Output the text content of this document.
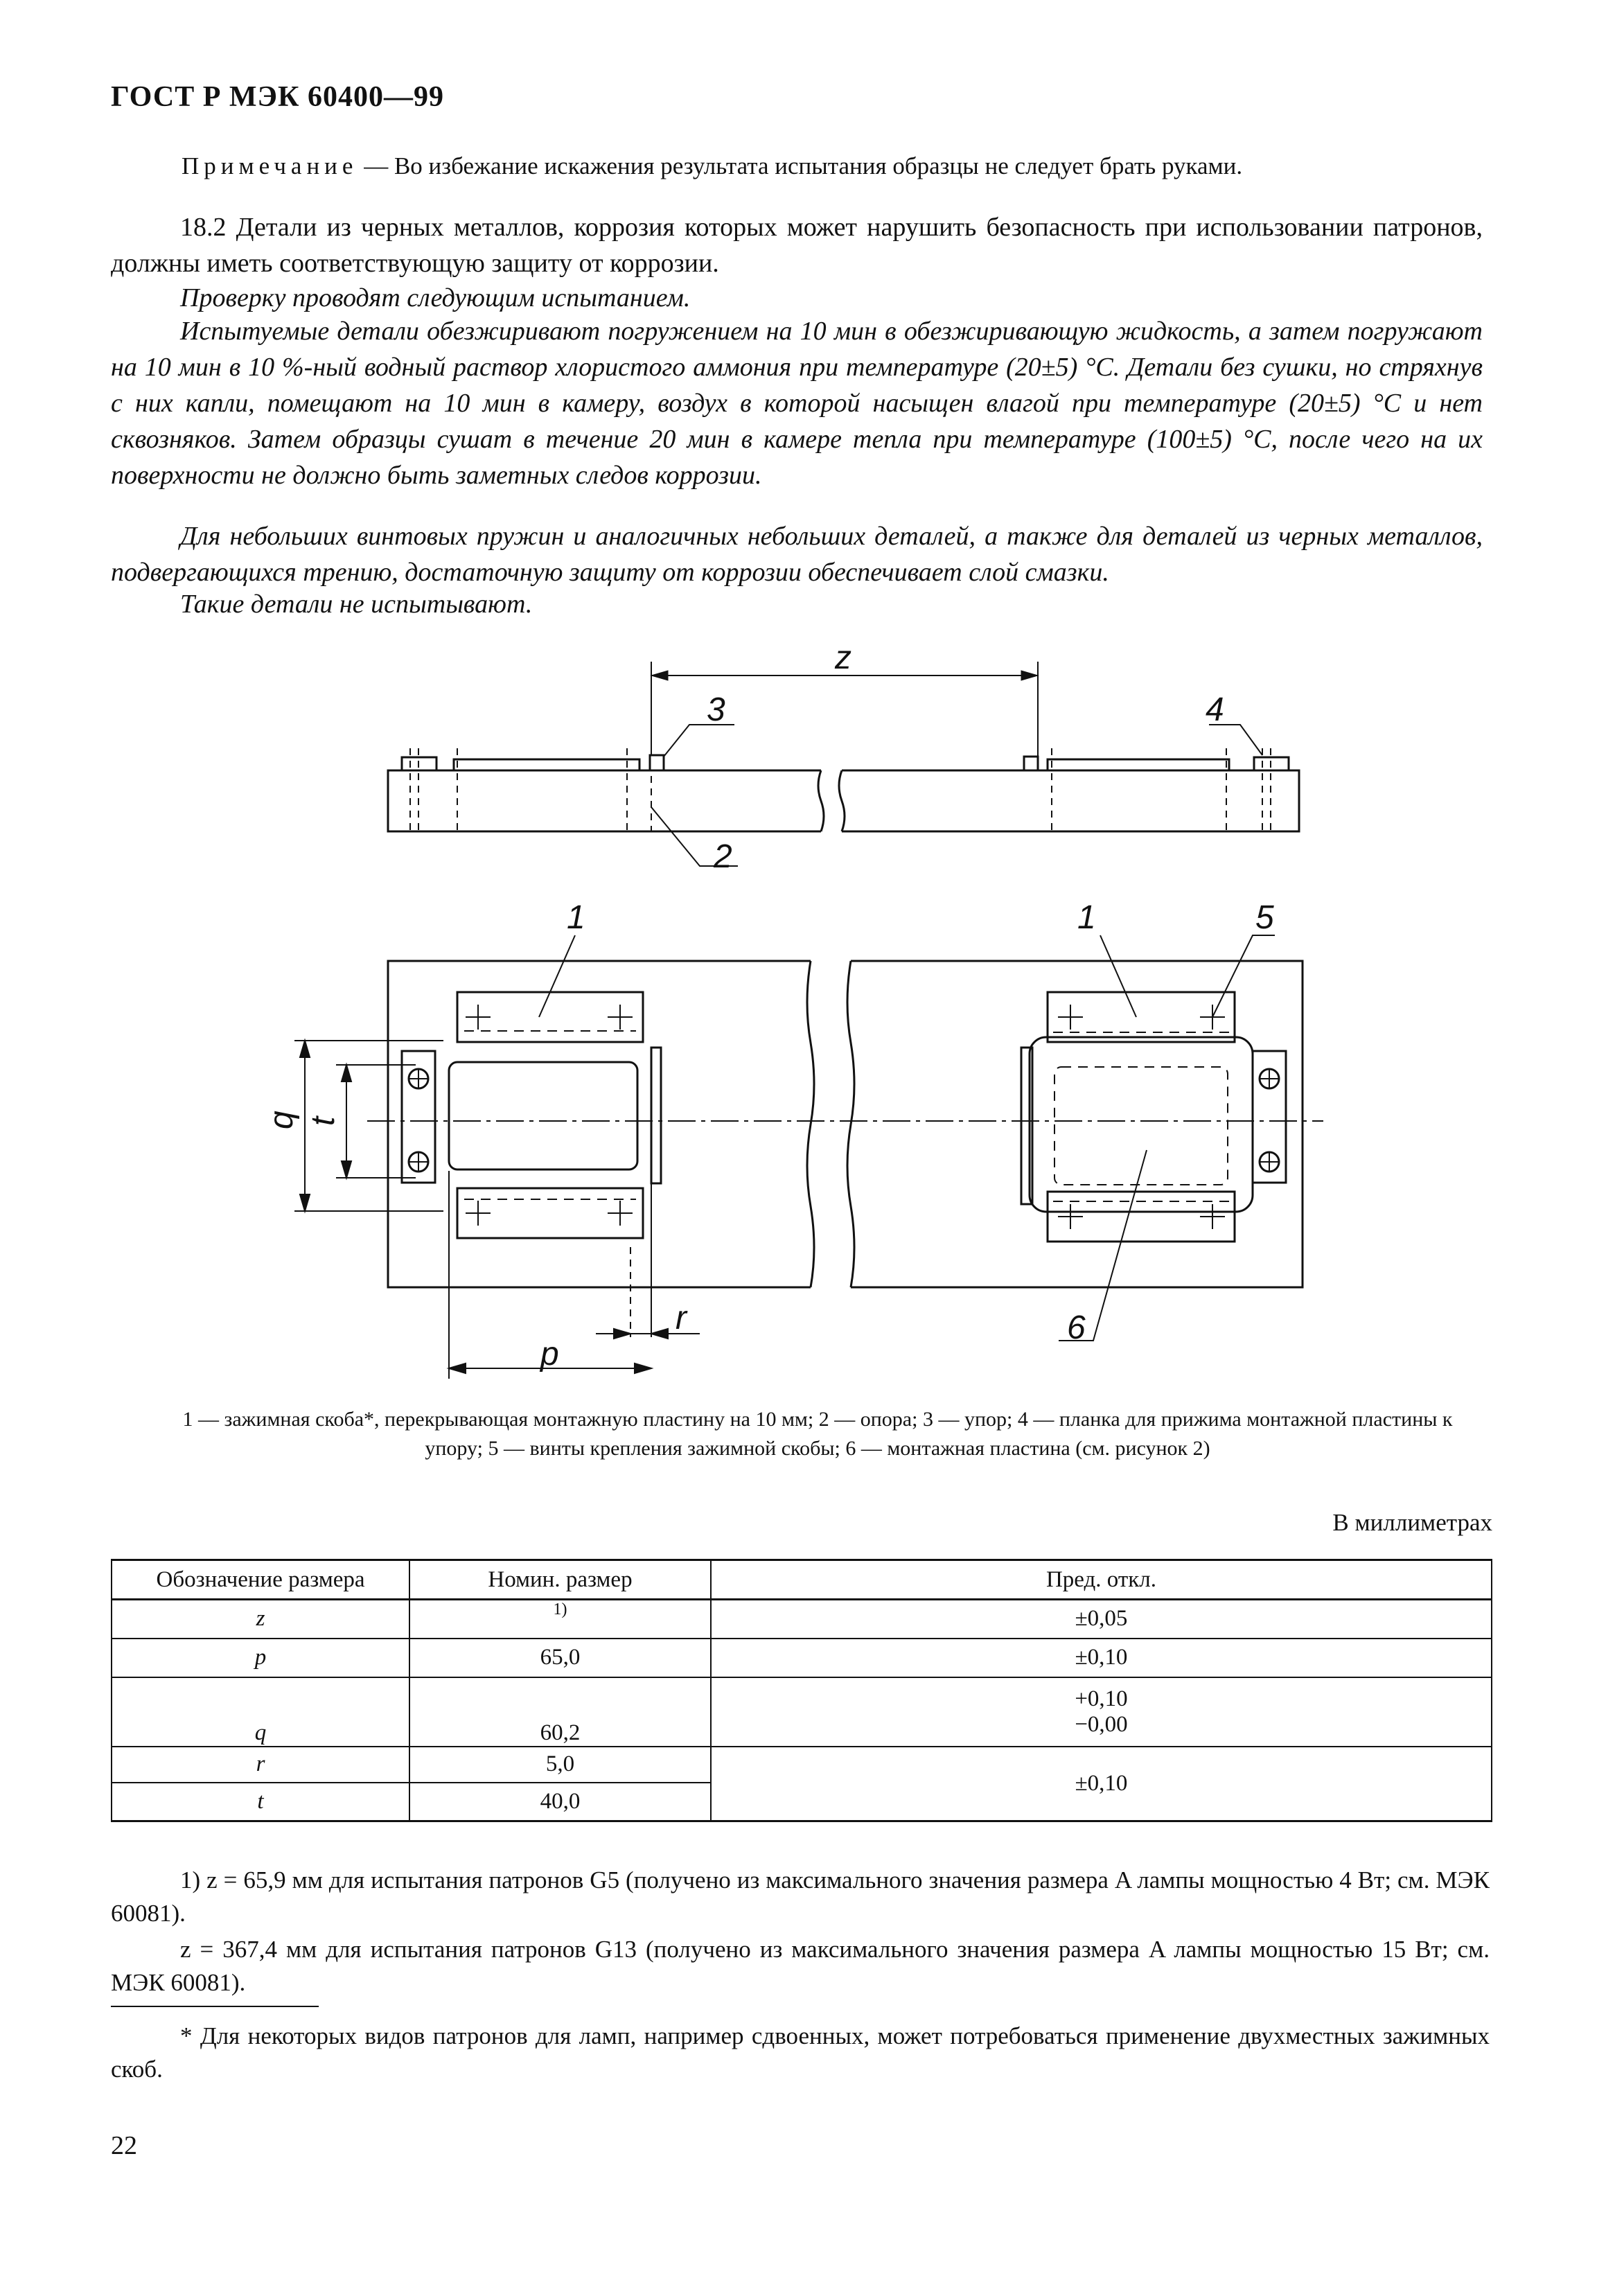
ГОСТ Р МЭК 60400—99
Примечание — Во избежание искажения результата испытания образцы не следует брать руками.
18.2 Детали из черных металлов, коррозия которых может нарушить безопасность при использовании патронов, должны иметь соответствующую защиту от коррозии.
Проверку проводят следующим испытанием.
Испытуемые детали обезжиривают погружением на 10 мин в обезжиривающую жидкость, а затем погружают на 10 мин в 10 %-ный водный раствор хлористого аммония при температуре (20±5) °С. Детали без сушки, но стряхнув с них капли, помещают на 10 мин в камеру, воздух в которой насыщен влагой при температуре (20±5) °С и нет сквозняков. Затем образцы сушат в течение 20 мин в камере тепла при температуре (100±5) °С, после чего на их поверхности не должно быть заметных следов коррозии.
Для небольших винтовых пружин и аналогичных небольших деталей, а также для деталей из черных металлов, подвергающихся трению, достаточную защиту от коррозии обеспечивает слой смазки.
Такие детали не испытывают.
z
3	4
2
1	1	5
6
p
r
q t
1 — зажимная скоба*, перекрывающая монтажную пластину на 10 мм; 2 — опора; 3 — упор; 4 — планка для прижима монтажной пластины к упору; 5 — винты крепления зажимной скобы; 6 — монтажная пластина (см. рисунок 2)
В миллиметрах
Обозначение размера	Номин. размер	Пред. откл.
z	1)	±0,05
p	65,0	±0,10
q	60,2	+0,10
−0,00

r	5,0	±0,10
t	40,0	
1) z = 65,9 мм для испытания патронов G5 (получено из максимального значения размера A лампы мощностью 4 Вт; см. МЭК 60081).
z = 367,4 мм для испытания патронов G13 (получено из максимального значения размера A лампы мощностью 15 Вт; см. МЭК 60081).
* Для некоторых видов патронов для ламп, например сдвоенных, может потребоваться применение двухместных зажимных скоб.
22
